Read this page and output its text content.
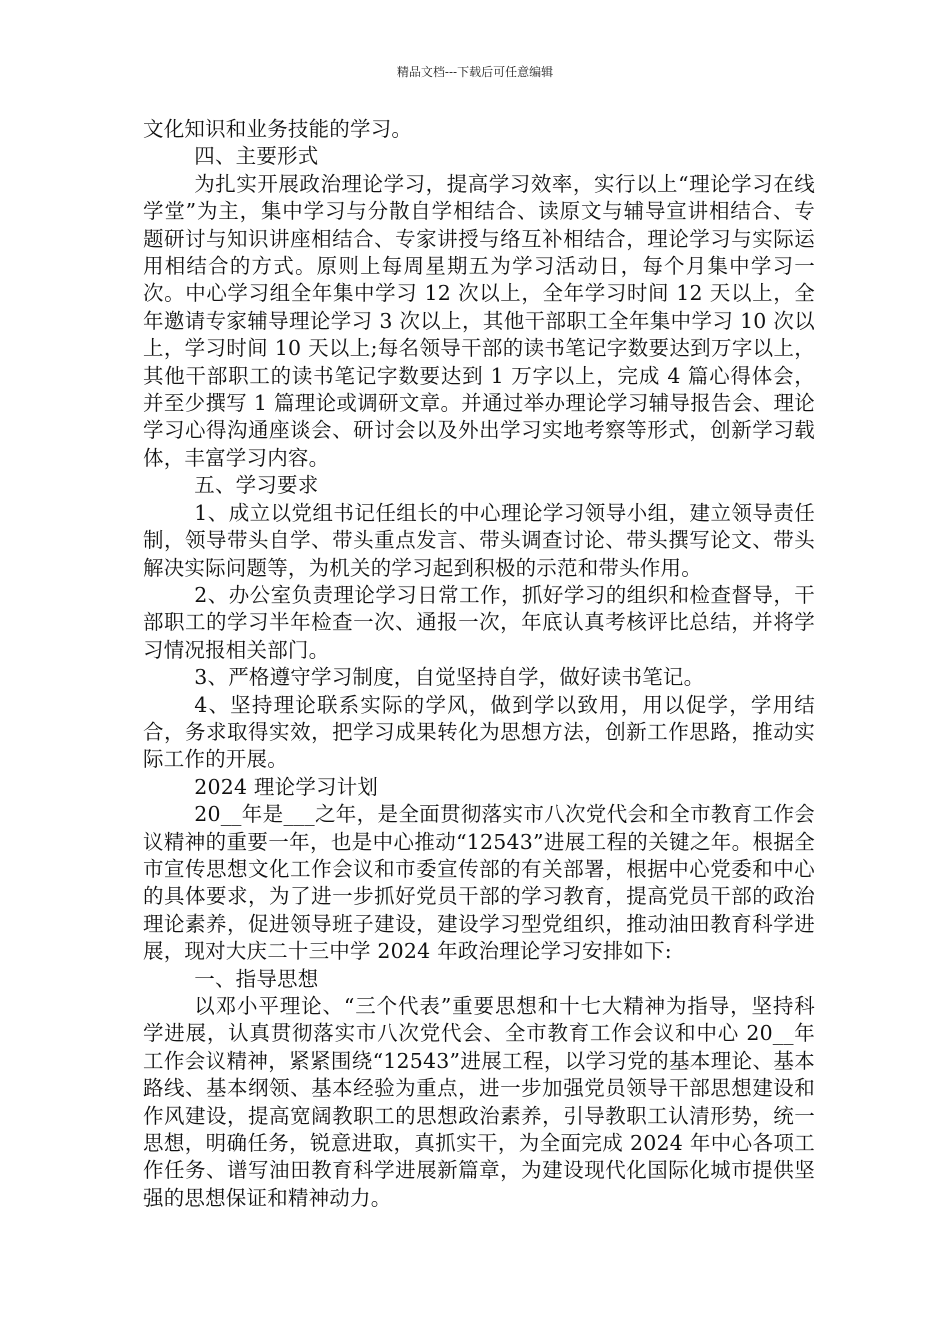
精品文档---下载后可任意编辑

文化知识和业务技能的学习。

四、主要形式

为扎实开展政治理论学习，提高学习效率，实行以上“理论学习在线学堂”为主，集中学习与分散自学相结合、读原文与辅导宣讲相结合、专题研讨与知识讲座相结合、专家讲授与络互补相结合，理论学习与实际运用相结合的方式。原则上每周星期五为学习活动日，每个月集中学习一次。中心学习组全年集中学习 12 次以上，全年学习时间 12 天以上，全年邀请专家辅导理论学习 3 次以上，其他干部职工全年集中学习 10 次以上，学习时间 10 天以上;每名领导干部的读书笔记字数要达到万字以上，其他干部职工的读书笔记字数要达到 1 万字以上，完成 4 篇心得体会，并至少撰写 1 篇理论或调研文章。并通过举办理论学习辅导报告会、理论学习心得沟通座谈会、研讨会以及外出学习实地考察等形式，创新学习载体，丰富学习内容。

五、学习要求

1、成立以党组书记任组长的中心理论学习领导小组，建立领导责任制，领导带头自学、带头重点发言、带头调查讨论、带头撰写论文、带头解决实际问题等，为机关的学习起到积极的示范和带头作用。

2、办公室负责理论学习日常工作，抓好学习的组织和检查督导，干部职工的学习半年检查一次、通报一次，年底认真考核评比总结，并将学习情况报相关部门。

3、严格遵守学习制度，自觉坚持自学，做好读书笔记。

4、坚持理论联系实际的学风，做到学以致用，用以促学，学用结合，务求取得实效，把学习成果转化为思想方法，创新工作思路，推动实际工作的开展。

2024 理论学习计划

20__年是___之年，是全面贯彻落实市八次党代会和全市教育工作会议精神的重要一年，也是中心推动“12543”进展工程的关键之年。根据全市宣传思想文化工作会议和市委宣传部的有关部署，根据中心党委和中心的具体要求，为了进一步抓好党员干部的学习教育，提高党员干部的政治理论素养，促进领导班子建设，建设学习型党组织，推动油田教育科学进展，现对大庆二十三中学 2024 年政治理论学习安排如下:

一、指导思想

以邓小平理论、“三个代表”重要思想和十七大精神为指导，坚持科学进展，认真贯彻落实市八次党代会、全市教育工作会议和中心 20__年工作会议精神，紧紧围绕“12543”进展工程，以学习党的基本理论、基本路线、基本纲领、基本经验为重点，进一步加强党员领导干部思想建设和作风建设，提高宽阔教职工的思想政治素养，引导教职工认清形势，统一思想，明确任务，锐意进取，真抓实干，为全面完成 2024 年中心各项工作任务、谱写油田教育科学进展新篇章，为建设现代化国际化城市提供坚强的思想保证和精神动力。
